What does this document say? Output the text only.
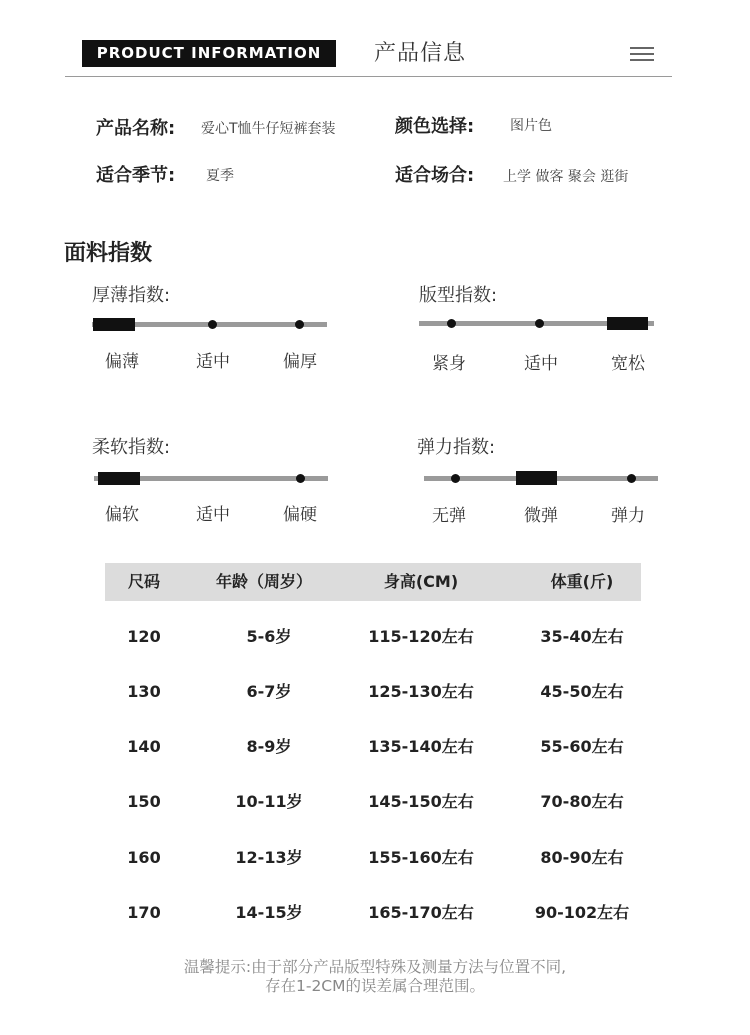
PRODUCT INFORMATION	产品信息
产品名称: 爱心T恤牛仔短裤套装	颜色选择:	图片色
适合季节: 夏季	适合场合: 上学 做客 聚会 逛街
面料指数
厚薄指数:
偏薄	适中	偏厚
版型指数:
紧身	适中	宽松
柔软指数:
偏软	适中	偏硬
弹力指数:
无弹	微弹	弹力
尺码	年龄（周岁）	身高(CM)	体重(斤)
120	5-6岁	115-120左右	35-40左右
130	6-7岁	125-130左右	45-50左右
140	8-9岁	135-140左右	55-60左右
150	10-11岁	145-150左右	70-80左右
160	12-13岁	155-160左右	80-90左右
170	14-15岁	165-170左右	90-102左右
温馨提示:由于部分产品版型特殊及测量方法与位置不同,
存在1-2CM的误差属合理范围。
